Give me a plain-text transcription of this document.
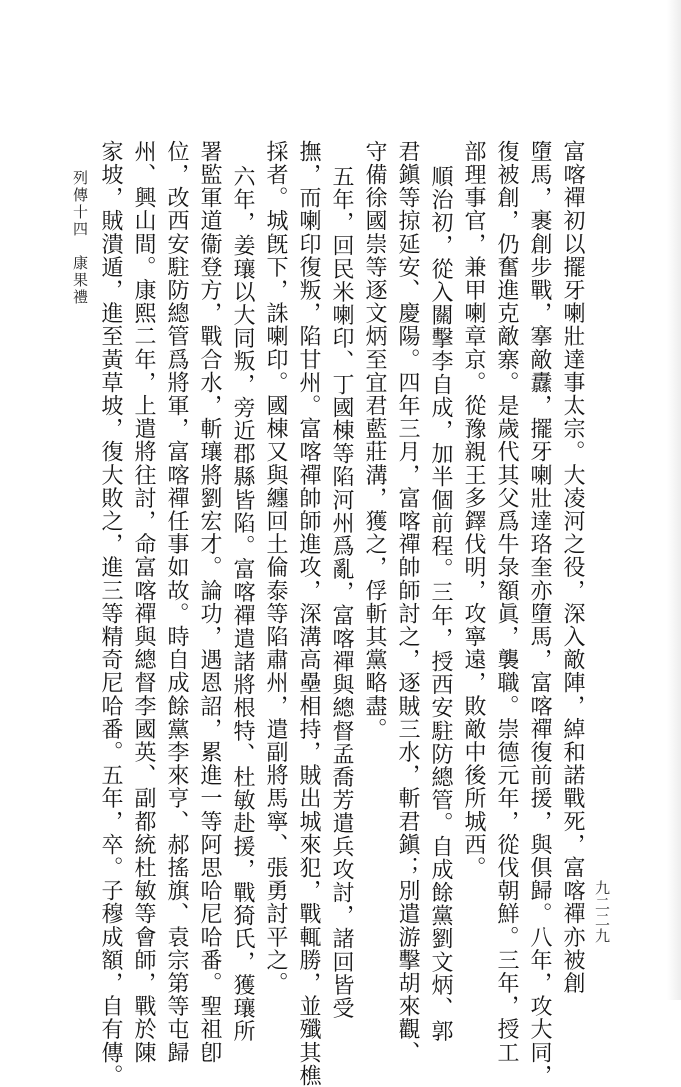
列傳十四　康果禮
九二二九
富喀禪初以擺牙喇壯達事太宗。大凌河之役，深入敵陣，綽和諾戰死，富喀禪亦被創
墮馬，裹創步戰，搴敵纛，擺牙喇壯達珞奎亦墮馬，富喀禪復前援，與俱歸。八年，攻大同，
復被創，仍奮進克敵寨。是歲代其父爲牛彔額眞，襲職。崇德元年，從伐朝鮮。三年，授工
部理事官，兼甲喇章京。從豫親王多鐸伐明，攻寧遠，敗敵中後所城西。
順治初，從入關擊李自成，加半個前程。三年，授西安駐防總管。自成餘黨劉文炳、郭
君鎭等掠延安、慶陽。四年三月，富喀禪帥師討之，逐賊三水，斬君鎭；別遣游擊胡來觀、
守備徐國崇等逐文炳至宜君藍莊溝，獲之，俘斬其黨略盡。
五年，回民米喇印、丁國棟等陷河州爲亂，富喀禪與總督孟喬芳遣兵攻討，諸回皆受
撫，而喇印復叛，陷甘州。富喀禪帥師進攻，深溝高壘相持，賊出城來犯，戰輒勝，並殲其樵
採者。城旣下，誅喇印。國棟又與纏回土倫泰等陷肅州，遣副將馬寧、張勇討平之。
六年，姜瓖以大同叛，旁近郡縣皆陷。富喀禪遣諸將根特、杜敏赴援，戰猗氏，獲瓖所
署監軍道衞登方，戰合水，斬瓖將劉宏才。論功，遇恩詔，累進一等阿思哈尼哈番。聖祖卽
位，改西安駐防總管爲將軍，富喀禪任事如故。時自成餘黨李來亨、郝搖旗、袁宗第等屯歸
州、興山間。康熙二年，上遣將往討，命富喀禪與總督李國英、副都統杜敏等會師，戰於陳
家坡，賊潰遁，進至黃草坡，復大敗之，進三等精奇尼哈番。五年，卒。子穆成額，自有傳。
